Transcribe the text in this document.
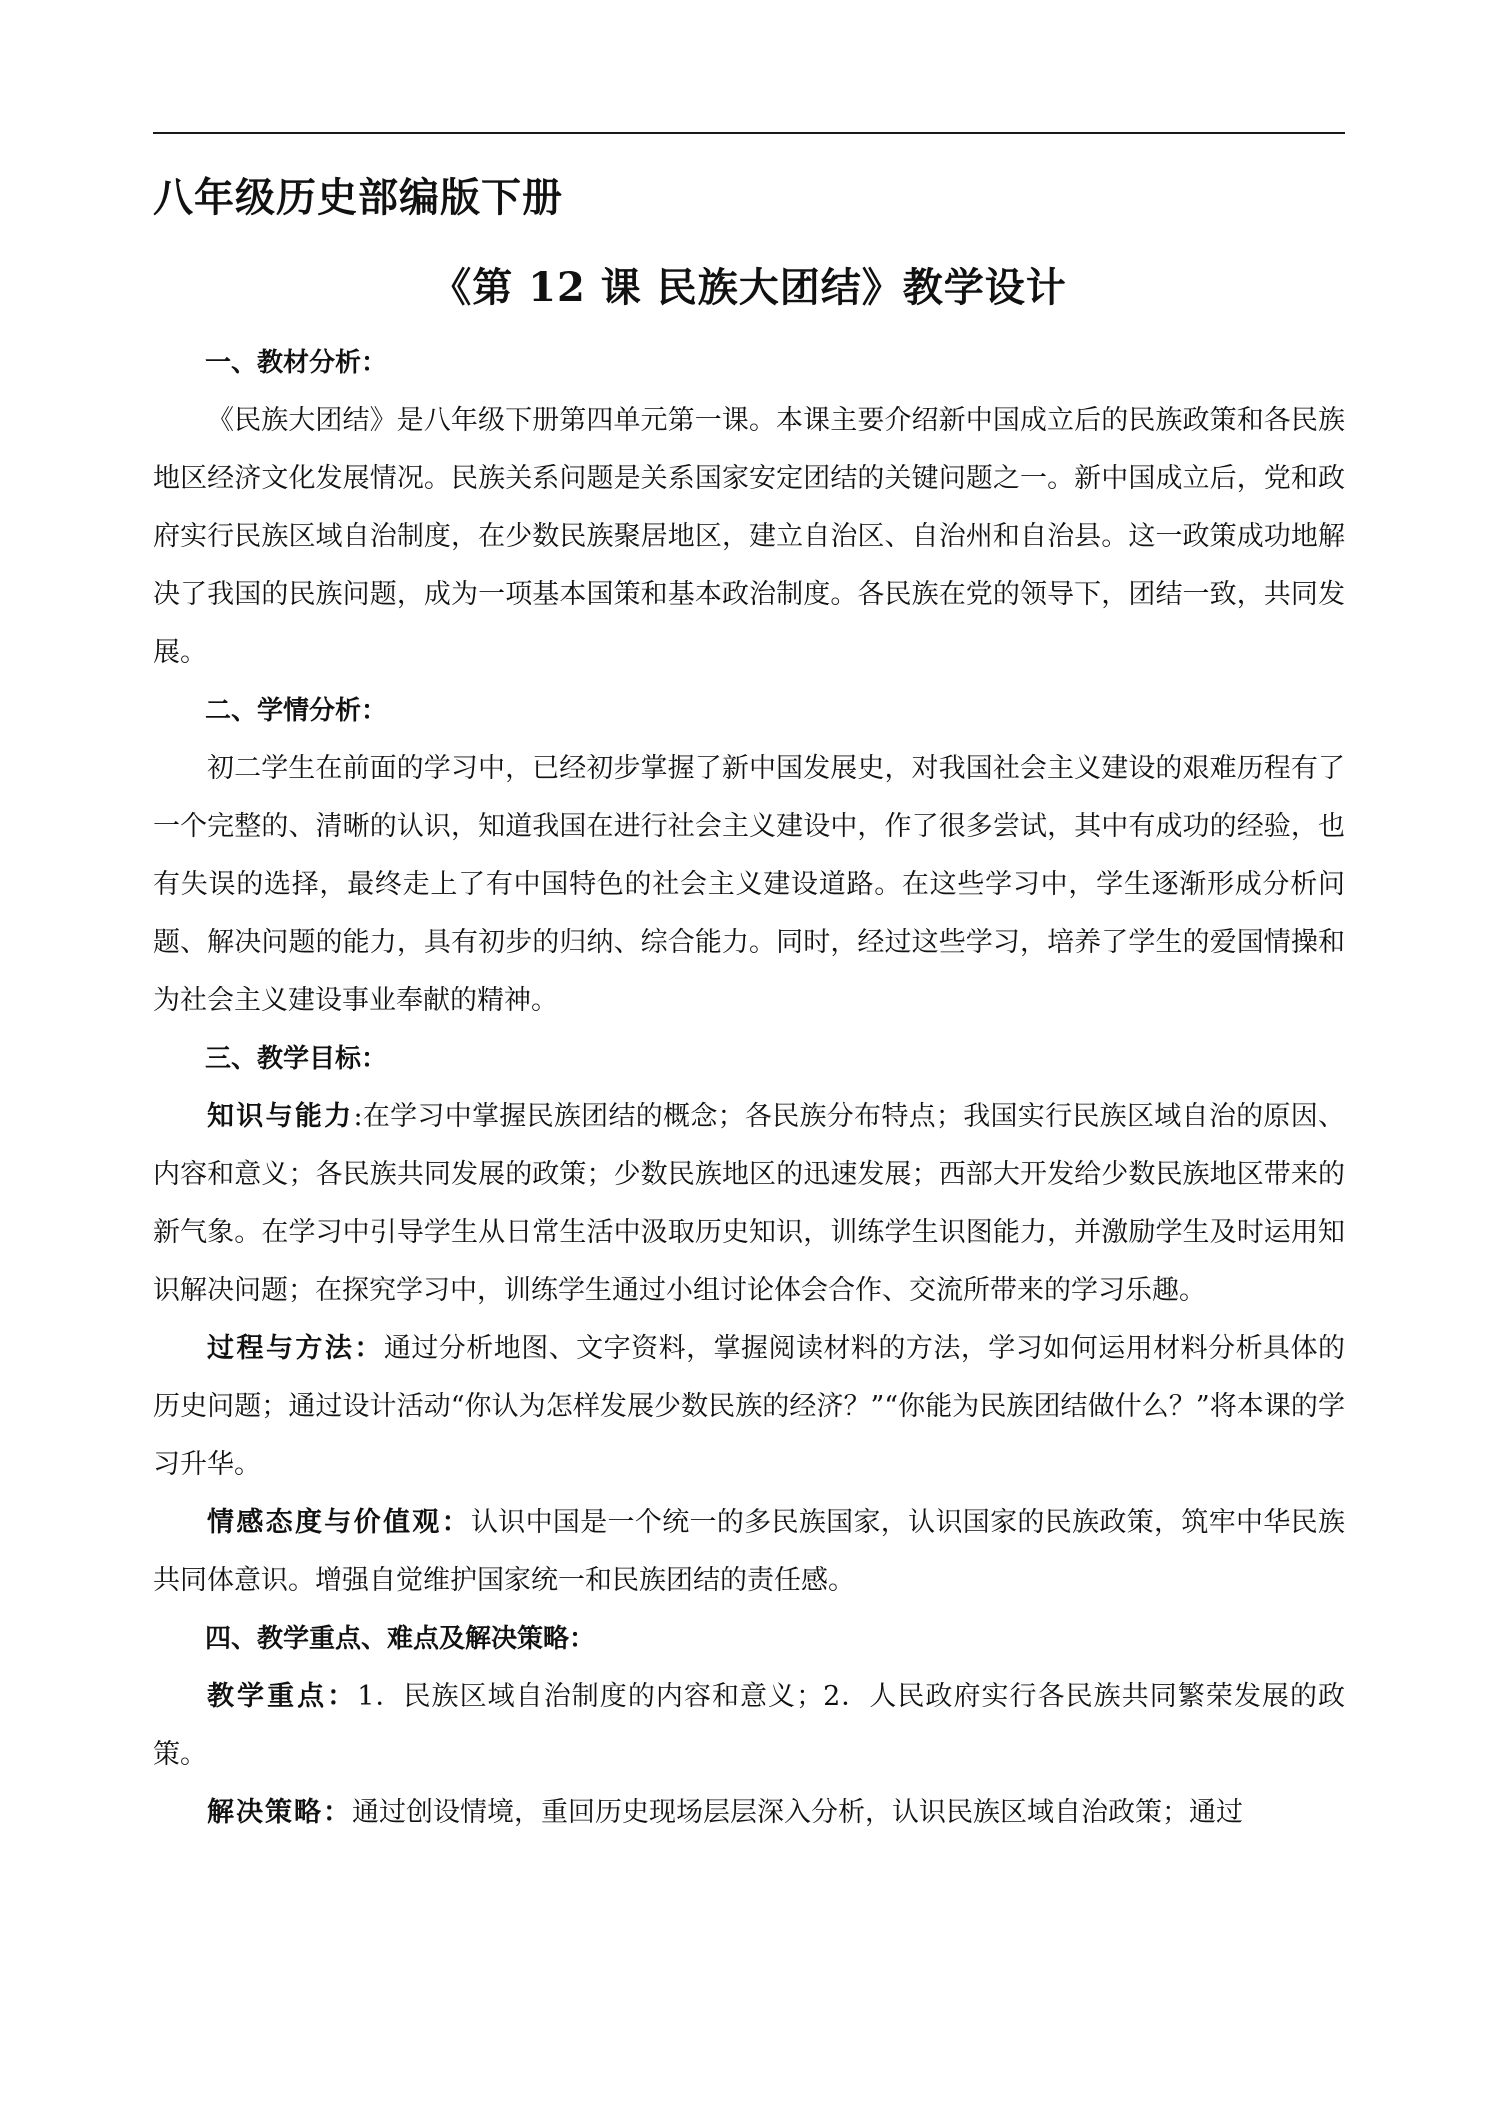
八年级历史部编版下册
《第 12 课 民族大团结》教学设计

一、教材分析：

《民族大团结》是八年级下册第四单元第一课。本课主要介绍新中国成立后的民族政策和各民族地区经济文化发展情况。民族关系问题是关系国家安定团结的关键问题之一。新中国成立后，党和政府实行民族区域自治制度，在少数民族聚居地区，建立自治区、自治州和自治县。这一政策成功地解决了我国的民族问题，成为一项基本国策和基本政治制度。各民族在党的领导下，团结一致，共同发展。

二、学情分析：

初二学生在前面的学习中，已经初步掌握了新中国发展史，对我国社会主义建设的艰难历程有了一个完整的、清晰的认识，知道我国在进行社会主义建设中，作了很多尝试，其中有成功的经验，也有失误的选择，最终走上了有中国特色的社会主义建设道路。在这些学习中，学生逐渐形成分析问题、解决问题的能力，具有初步的归纳、综合能力。同时，经过这些学习，培养了学生的爱国情操和为社会主义建设事业奉献的精神。

三、教学目标：

知识与能力:在学习中掌握民族团结的概念；各民族分布特点；我国实行民族区域自治的原因、内容和意义；各民族共同发展的政策；少数民族地区的迅速发展；西部大开发给少数民族地区带来的新气象。在学习中引导学生从日常生活中汲取历史知识，训练学生识图能力，并激励学生及时运用知识解决问题；在探究学习中，训练学生通过小组讨论体会合作、交流所带来的学习乐趣。

过程与方法：通过分析地图、文字资料，掌握阅读材料的方法，学习如何运用材料分析具体的历史问题；通过设计活动“你认为怎样发展少数民族的经济？”“你能为民族团结做什么？”将本课的学习升华。

情感态度与价值观：认识中国是一个统一的多民族国家，认识国家的民族政策，筑牢中华民族共同体意识。增强自觉维护国家统一和民族团结的责任感。

四、教学重点、难点及解决策略：

教学重点：1．民族区域自治制度的内容和意义；2．人民政府实行各民族共同繁荣发展的政策。

解决策略：通过创设情境，重回历史现场层层深入分析，认识民族区域自治政策；通过
